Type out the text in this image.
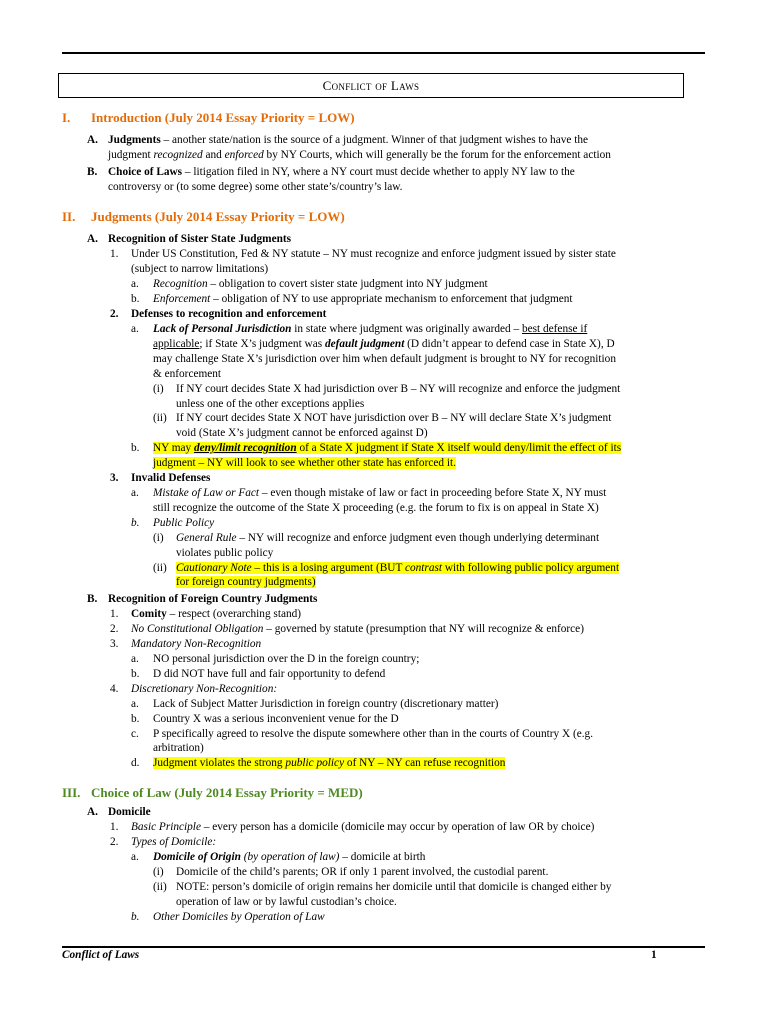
Conflict of Laws
I. Introduction (July 2014 Essay Priority = LOW)
A. Judgments – another state/nation is the source of a judgment. Winner of that judgment wishes to have the
judgment recognized and enforced by NY Courts, which will generally be the forum for the enforcement action
B. Choice of Laws – litigation filed in NY, where a NY court must decide whether to apply NY law to the
controversy or (to some degree) some other state’s/country’s law.
II. Judgments (July 2014 Essay Priority = LOW)
A. Recognition of Sister State Judgments
1. Under US Constitution, Fed & NY statute – NY must recognize and enforce judgment issued by sister state
(subject to narrow limitations)
a. Recognition – obligation to covert sister state judgment into NY judgment
b. Enforcement – obligation of NY to use appropriate mechanism to enforcement that judgment
2. Defenses to recognition and enforcement
a. Lack of Personal Jurisdiction in state where judgment was originally awarded – best defense if
applicable; if State X’s judgment was default judgment (D didn’t appear to defend case in State X), D
may challenge State X’s jurisdiction over him when default judgment is brought to NY for recognition
& enforcement
(i) If NY court decides State X had jurisdiction over B – NY will recognize and enforce the judgment
unless one of the other exceptions applies
(ii) If NY court decides State X NOT have jurisdiction over B – NY will declare State X’s judgment
void (State X’s judgment cannot be enforced against D)
b. NY may deny/limit recognition of a State X judgment if State X itself would deny/limit the effect of its
judgment – NY will look to see whether other state has enforced it.
3. Invalid Defenses
a. Mistake of Law or Fact – even though mistake of law or fact in proceeding before State X, NY must
still recognize the outcome of the State X proceeding (e.g. the forum to fix is on appeal in State X)
b. Public Policy
(i) General Rule – NY will recognize and enforce judgment even though underlying determinant
violates public policy
(ii) Cautionary Note – this is a losing argument (BUT contrast with following public policy argument
for foreign country judgments)
B. Recognition of Foreign Country Judgments
1. Comity – respect (overarching stand)
2. No Constitutional Obligation – governed by statute (presumption that NY will recognize & enforce)
3. Mandatory Non-Recognition
a. NO personal jurisdiction over the D in the foreign country;
b. D did NOT have full and fair opportunity to defend
4. Discretionary Non-Recognition:
a. Lack of Subject Matter Jurisdiction in foreign country (discretionary matter)
b. Country X was a serious inconvenient venue for the D
c. P specifically agreed to resolve the dispute somewhere other than in the courts of Country X (e.g.
arbitration)
d. Judgment violates the strong public policy of NY – NY can refuse recognition
III. Choice of Law (July 2014 Essay Priority = MED)
A. Domicile
1. Basic Principle – every person has a domicile (domicile may occur by operation of law OR by choice)
2. Types of Domicile:
a. Domicile of Origin (by operation of law) – domicile at birth
(i) Domicile of the child’s parents; OR if only 1 parent involved, the custodial parent.
(ii) NOTE: person’s domicile of origin remains her domicile until that domicile is changed either by
operation of law or by lawful custodian’s choice.
b. Other Domiciles by Operation of Law
Conflict of Laws	1
